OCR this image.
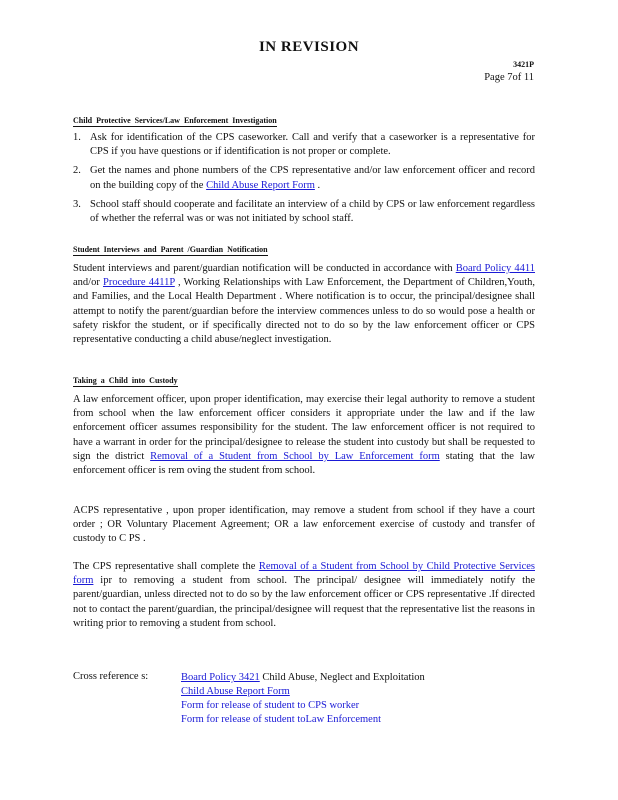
IN REVISION
3421P
Page 7of 11
Child Protective Services/Law Enforcement Investigation
1. Ask for identification of the CPS caseworker. Call and verify that a caseworker is a representative for CPS if you have questions or if identification is not proper or complete.
2. Get the names and phone numbers of the CPS representative and/or law enforcement officer and record on the building copy of the Child Abuse Report Form .
3. School staff should cooperate and facilitate an interview of a child by CPS or law enforcement regardless of whether the referral was or was not initiated by school staff.
Student Interviews and Parent /Guardian Notification
Student interviews and parent/guardian notification will be conducted in accordance with Board Policy 4411 and/or Procedure 4411P , Working Relationships with Law Enforcement, the Department of Children,Youth, and Families, and the Local Health Department . Where notification is to occur, the principal/designee shall attempt to notify the parent/guardian before the interview commences unless to do so would pose a health or safety riskfor the student, or if specifically directed not to do so by the law enforcement officer or CPS representative conducting a child abuse/neglect investigation.
Taking a Child into Custody
A law enforcement officer, upon proper identification, may exercise their legal authority to remove a student from school when the law enforcement officer considers it appropriate under the law and if the law enforcement officer assumes responsibility for the student. The law enforcement officer is not required to have a warrant in order for the principal/designee to release the student into custody but shall be requested to sign the district Removal of a Student from School by Law Enforcement form stating that the law enforcement officer is rem oving the student from school.
ACPS representative , upon proper identification, may remove a student from school if they have a court order ; OR Voluntary Placement Agreement; OR a law enforcement exercise of custody and transfer of custody to C PS .
The CPS representative shall complete the Removal of a Student from School by Child Protective Services form ipr to removing a student from school. The principal/ designee will immediately notify the parent/guardian, unless directed not to do so by the law enforcement officer or CPS representative .If directed not to contact the parent/guardian, the principal/designee will request that the representative list the reasons in writing prior to removing a student from school.
Cross reference s:	Board Policy 3421 Child Abuse, Neglect and Exploitation
Child Abuse Report Form
Form for release of student to CPS worker
Form for release of student toLaw Enforcement
